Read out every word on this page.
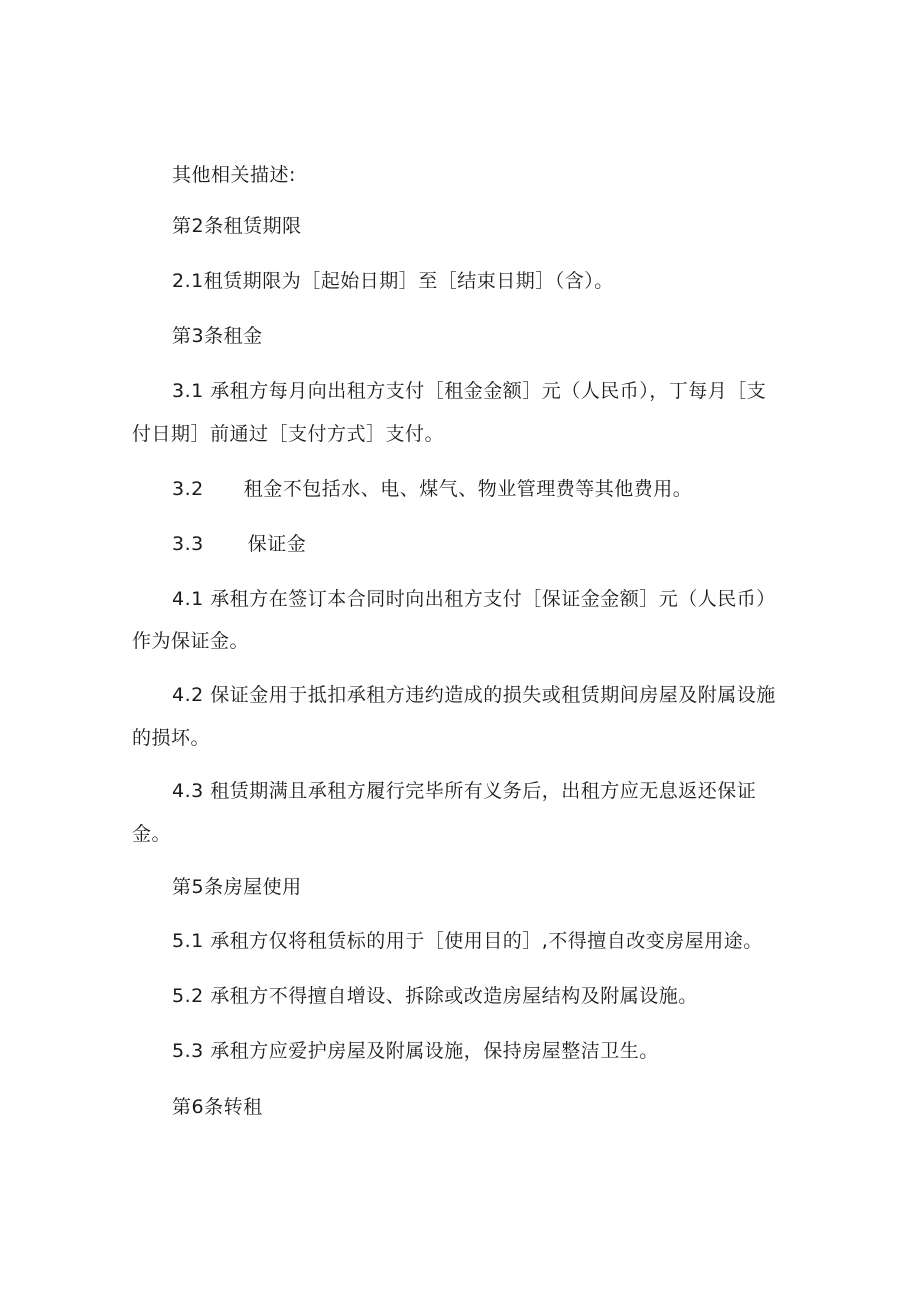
其他相关描述:
第2条租赁期限
2.1租赁期限为［起始日期］至［结束日期］（含）。
第3条租金
3.1 承租方每月向出租方支付［租金金额］元（人民币），丁每月［支
付日期］前通过［支付方式］支付。
3.2 租金不包括水、电、煤气、物业管理费等其他费用。
3.3 保证金
4.1 承租方在签订本合同时向出租方支付［保证金金额］元（人民币）
作为保证金。
4.2 保证金用于抵扣承租方违约造成的损失或租赁期间房屋及附属设施
的损坏。
4.3 租赁期满且承租方履行完毕所有义务后，出租方应无息返还保证
金。
第5条房屋使用
5.1 承租方仅将租赁标的用于［使用目的］,不得擅自改变房屋用途。
5.2 承租方不得擅自增设、拆除或改造房屋结构及附属设施。
5.3 承租方应爱护房屋及附属设施，保持房屋整洁卫生。
第6条转租
